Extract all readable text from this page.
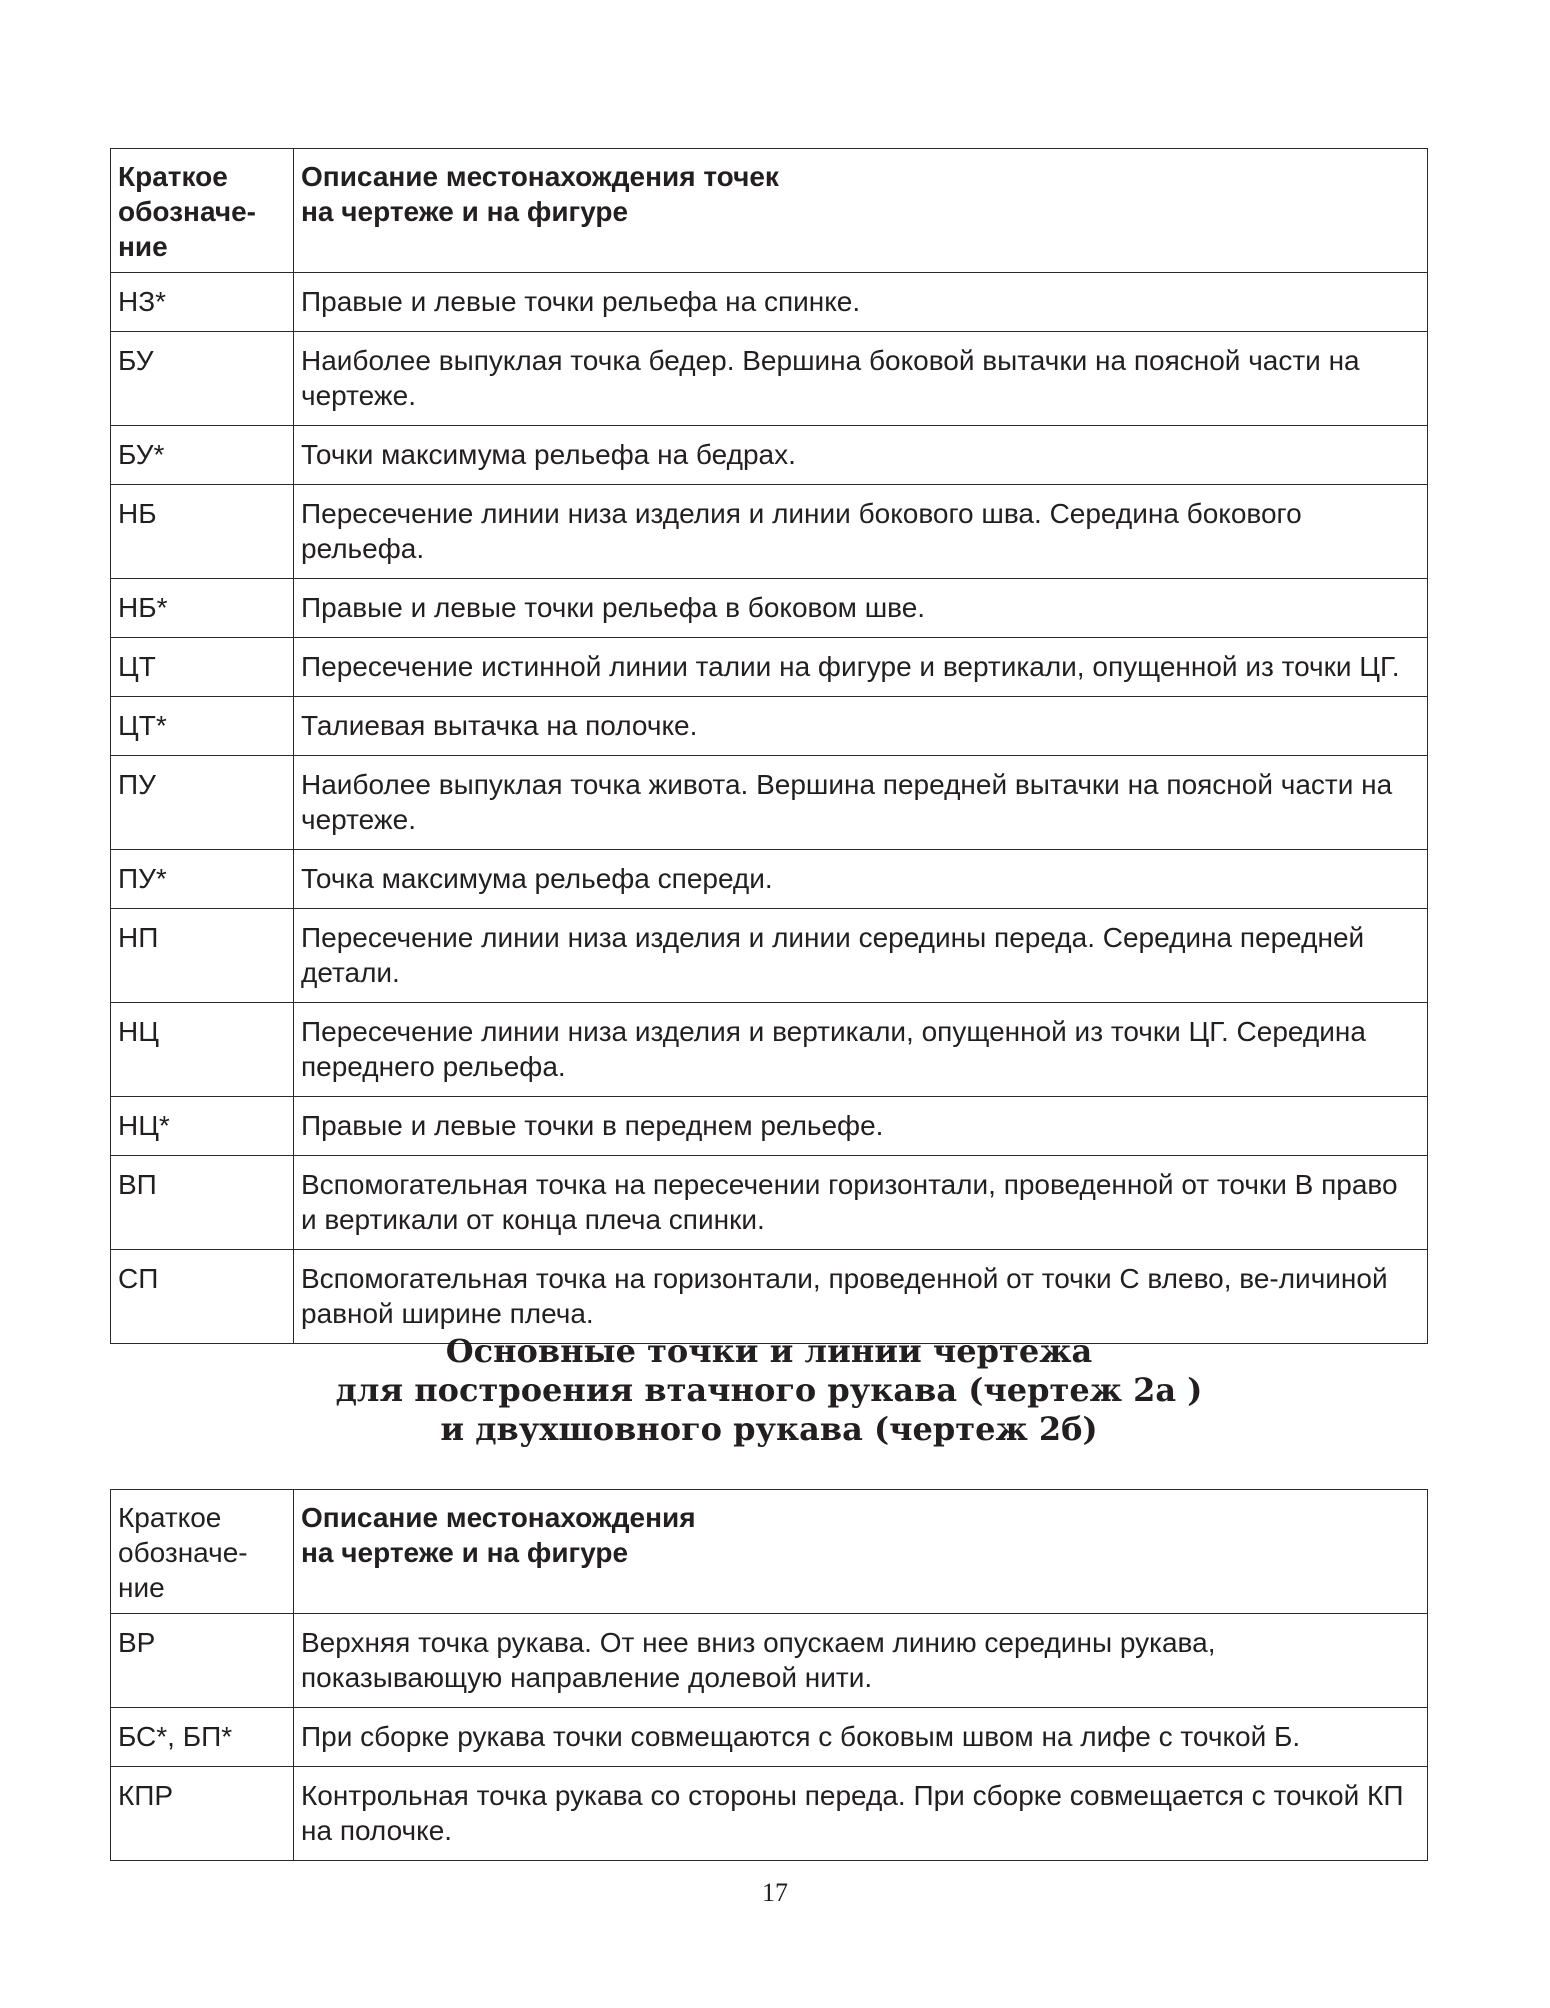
Краткое обозначе-ние	Описание местонахождения точек
на чертеже и на фигуре

НЗ*	Правые и левые точки рельефа на спинке.
БУ	Наиболее выпуклая точка бедер. Вершина боковой вытачки на поясной части на чертеже.
БУ*	Точки максимума рельефа на бедрах.
НБ	Пересечение линии низа изделия и линии бокового шва. Середина бокового рельефа.
НБ*	Правые и левые точки рельефа в боковом шве.
ЦТ	Пересечение истинной линии талии на фигуре и вертикали, опущенной из точки ЦГ.
ЦТ*	Талиевая вытачка на полочке.
ПУ	Наиболее выпуклая точка живота. Вершина передней вытачки на поясной части на чертеже.
ПУ*	Точка максимума рельефа спереди.
НП	Пересечение линии низа изделия и линии середины переда. Середина передней детали.
НЦ	Пересечение линии низа изделия и вертикали, опущенной из точки ЦГ. Середина переднего рельефа.
НЦ*	Правые и левые точки в переднем рельефе.
ВП	Вспомогательная точка на пересечении горизонтали, проведенной от точки В право и вертикали от конца плеча спинки.
СП	Вспомогательная точка на горизонтали, проведенной от точки С влево, ве-личиной равной ширине плеча.
Основные точки и линии чертежа
для построения втачного рукава (чертеж 2а )
и двухшовного рукава (чертеж 2б)
Краткое обозначе-ние	Описание местонахождения
на чертеже и на фигуре

ВР	Верхняя точка рукава. От нее вниз опускаем линию середины рукава, показывающую направление долевой нити.
БС*, БП*	При сборке рукава точки совмещаются с боковым швом на лифе с точкой Б.
КПР	Контрольная точка рукава со стороны переда. При сборке совмещается с точкой КП на полочке.
17
